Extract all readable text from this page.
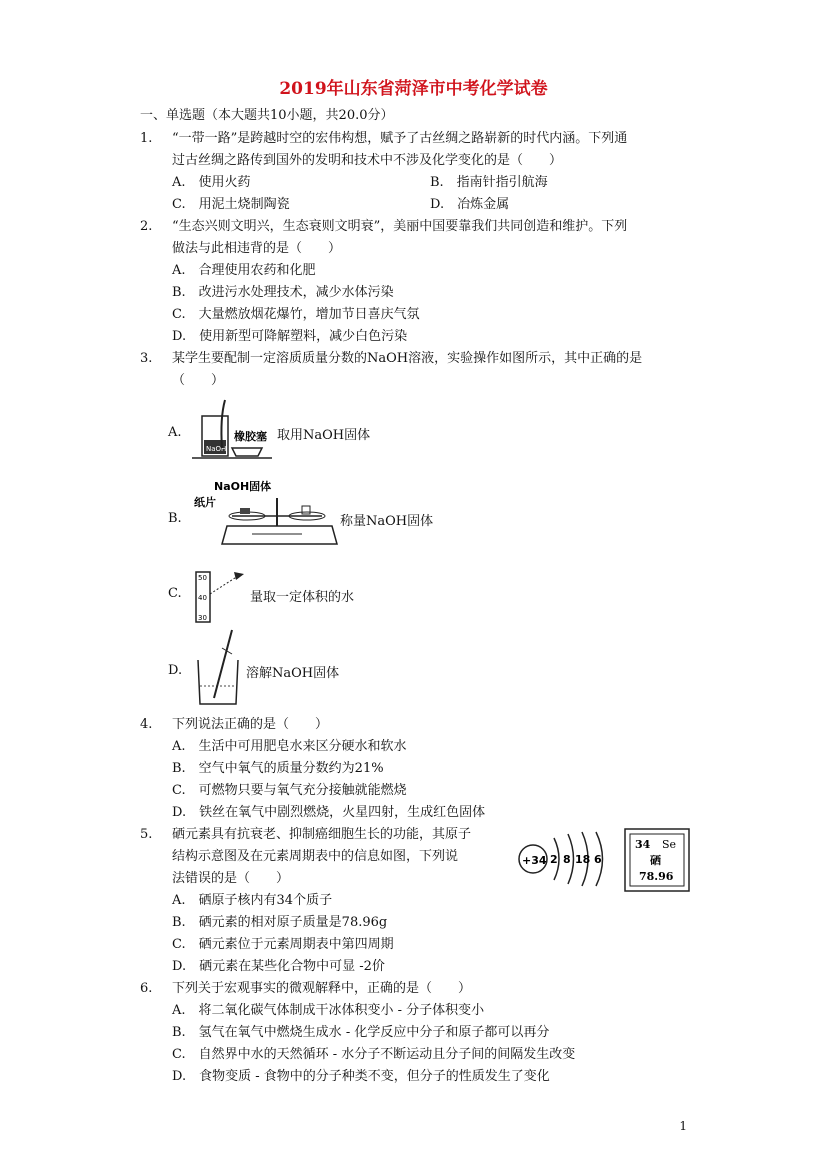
2019年山东省菏泽市中考化学试卷
一、单选题（本大题共10小题，共20.0分）
1. “一带一路”是跨越时空的宏伟构想，赋予了古丝绸之路崭新的时代内涵。下列通
过古丝绸之路传到国外的发明和技术中不涉及化学变化的是（　　）
A.　使用火药	B.　指南针指引航海
C.　用泥土烧制陶瓷	D.　冶炼金属
2. “生态兴则文明兴，生态衰则文明衰”，美丽中国要靠我们共同创造和维护。下列
做法与此相违背的是（　　）
A.　合理使用农药和化肥
B.　改进污水处理技术，减少水体污染
C.　大量燃放烟花爆竹，增加节日喜庆气氛
D.　使用新型可降解塑料，减少白色污染
3. 某学生要配制一定溶质质量分数的NaOH溶液，实验操作如图所示，其中正确的是
（　　）
A.
NaOH
橡胶塞 取用NaOH固体
B.
NaOH固体
纸片
称量NaOH固体
C.
50
40
30
量取一定体积的水
D.	溶解NaOH固体
4. 下列说法正确的是（　　）
A.　生活中可用肥皂水来区分硬水和软水
B.　空气中氧气的质量分数约为21%
C.　可燃物只要与氧气充分接触就能燃烧
D.　铁丝在氧气中剧烈燃烧，火星四射，生成红色固体
5. 硒元素具有抗衰老、抑制癌细胞生长的功能，其原子
结构示意图及在元素周期表中的信息如图，下列说
法错误的是（　　）
A.　硒原子核内有34个质子
B.　硒元素的相对原子质量是78.96g
C.　硒元素位于元素周期表中第四周期
D.　硒元素在某些化合物中可显 -2价
+34 2 8 18 6
34 Se
硒
78.96
6. 下列关于宏观事实的微观解释中，正确的是（　　）
A.　将二氧化碳气体制成干冰体积变小 - 分子体积变小
B.　氢气在氧气中燃烧生成水 - 化学反应中分子和原子都可以再分
C.　自然界中水的天然循环 - 水分子不断运动且分子间的间隔发生改变
D.　食物变质 - 食物中的分子种类不变，但分子的性质发生了变化
1
